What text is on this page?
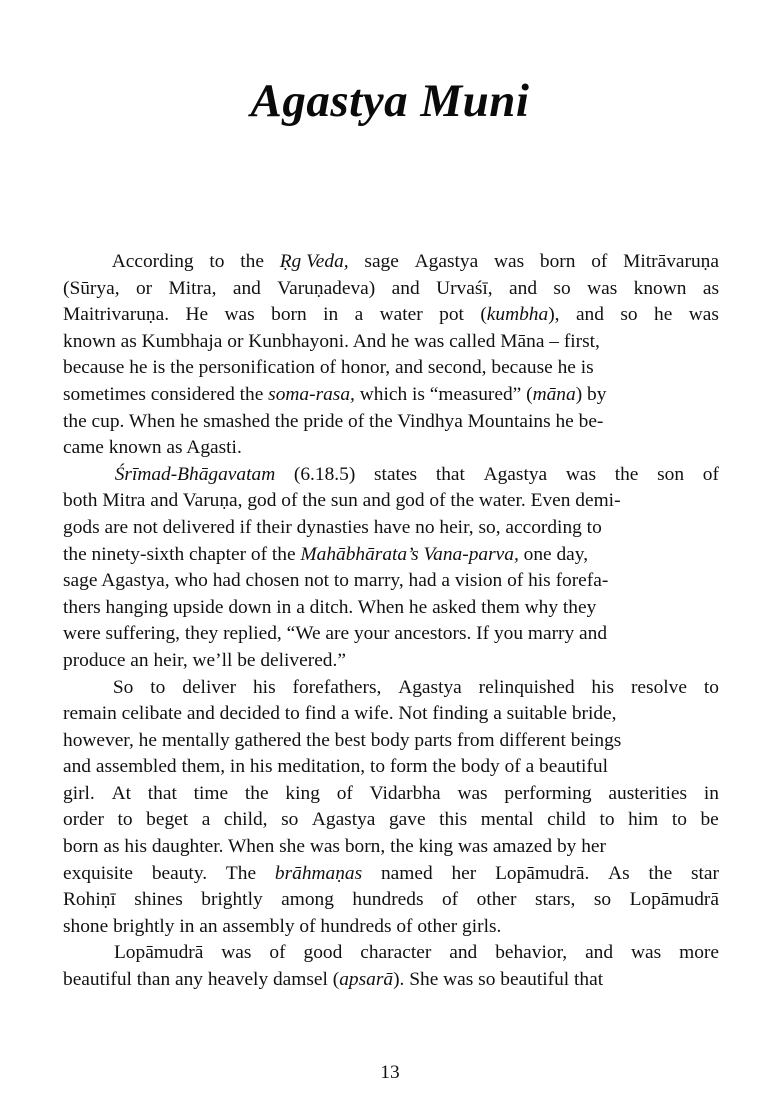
Agastya Muni

According to the Ṛg Veda, sage Agastya was born of Mitrāvaruṇa
(Sūrya, or Mitra, and Varuṇadeva) and Urvaśī, and so was known as
Maitrivaruṇa. He was born in a water pot (kumbha), and so he was
known as Kumbhaja or Kunbhayoni. And he was called Māna – first,
because he is the personification of honor, and second, because he is
sometimes considered the soma-rasa, which is “measured” (māna) by
the cup. When he smashed the pride of the Vindhya Mountains he be-
came known as Agasti.

Śrīmad-Bhāgavatam (6.18.5) states that Agastya was the son of
both Mitra and Varuṇa, god of the sun and god of the water. Even demi-
gods are not delivered if their dynasties have no heir, so, according to
the ninety-sixth chapter of the Mahābhārata’s Vana-parva, one day,
sage Agastya, who had chosen not to marry, had a vision of his forefa-
thers hanging upside down in a ditch. When he asked them why they
were suffering, they replied, “We are your ancestors. If you marry and
produce an heir, we’ll be delivered.”

So to deliver his forefathers, Agastya relinquished his resolve to
remain celibate and decided to find a wife. Not finding a suitable bride,
however, he mentally gathered the best body parts from different beings
and assembled them, in his meditation, to form the body of a beautiful
girl. At that time the king of Vidarbha was performing austerities in
order to beget a child, so Agastya gave this mental child to him to be
born as his daughter. When she was born, the king was amazed by her
exquisite beauty. The brāhmaṇas named her Lopāmudrā. As the star
Rohiṇī shines brightly among hundreds of other stars, so Lopāmudrā
shone brightly in an assembly of hundreds of other girls.

Lopāmudrā was of good character and behavior, and was more
beautiful than any heavely damsel (apsarā). She was so beautiful that

13
